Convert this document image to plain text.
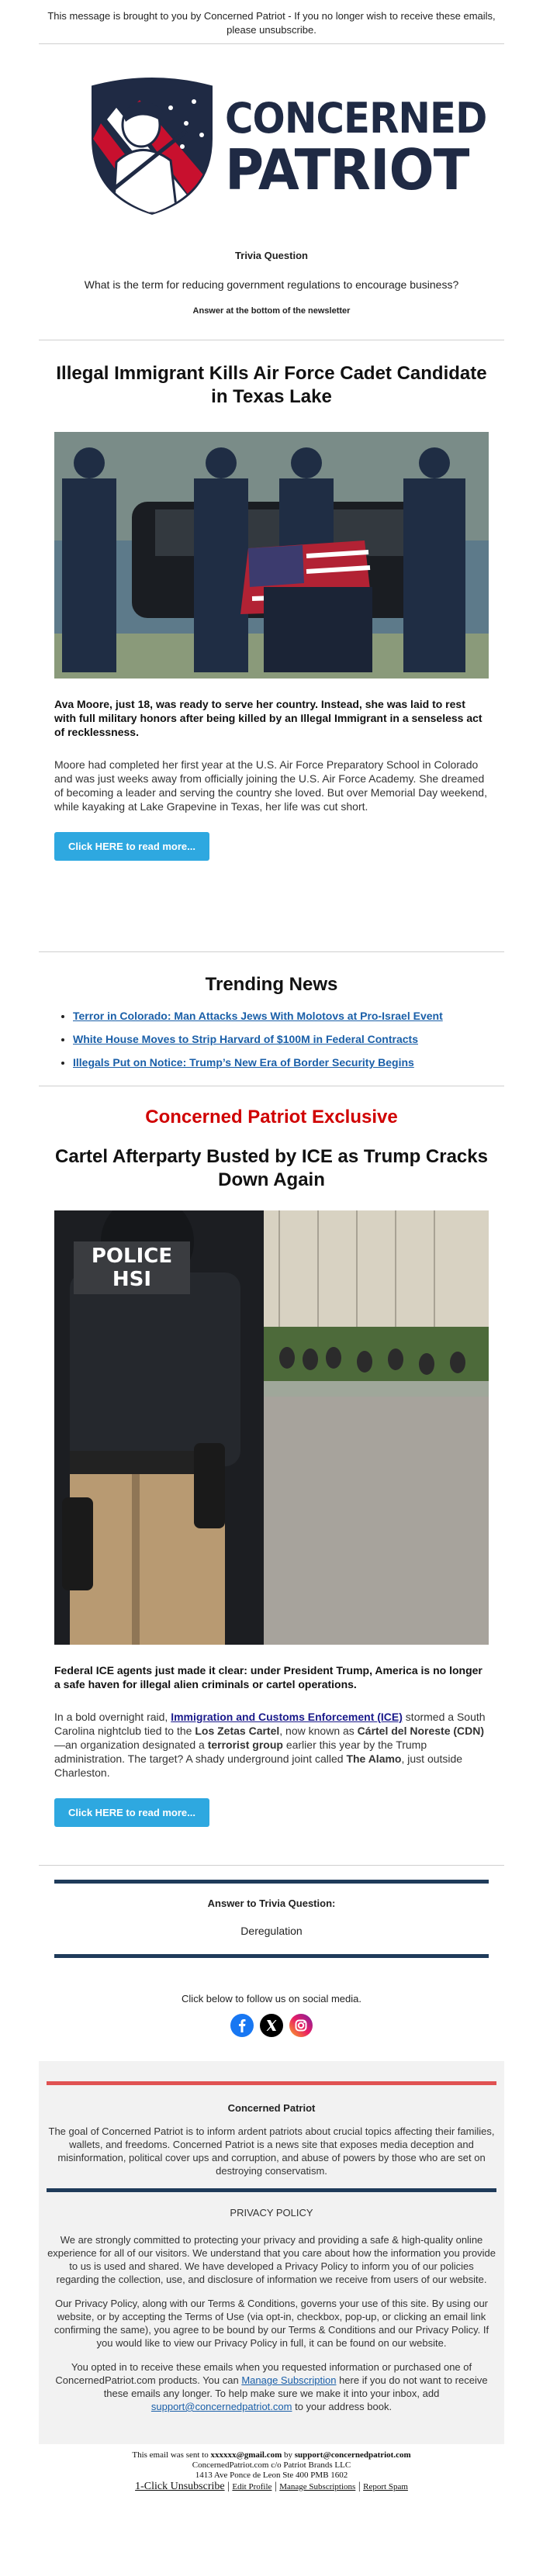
This message is brought to you by Concerned Patriot - If you no longer wish to receive these emails, please unsubscribe.
CONCERNED
PATRIOT
Trivia Question
What is the term for reducing government regulations to encourage business?
Answer at the bottom of the newsletter
Illegal Immigrant Kills Air Force Cadet Candidate in Texas Lake

Ava Moore, just 18, was ready to serve her country. Instead, she was laid to rest with full military honors after being killed by an Illegal Immigrant in a senseless act of recklessness.

Moore had completed her first year at the U.S. Air Force Preparatory School in Colorado and was just weeks away from officially joining the U.S. Air Force Academy. She dreamed of becoming a leader and serving the country she loved. But over Memorial Day weekend, while kayaking at Lake Grapevine in Texas, her life was cut short.

Click HERE to read more...
Trending News
• Terror in Colorado: Man Attacks Jews With Molotovs at Pro-Israel Event
• White House Moves to Strip Harvard of $100M in Federal Contracts
• Illegals Put on Notice: Trump’s New Era of Border Security Begins
Concerned Patriot Exclusive
Cartel Afterparty Busted by ICE as Trump Cracks Down Again

Federal ICE agents just made it clear: under President Trump, America is no longer a safe haven for illegal alien criminals or cartel operations.

In a bold overnight raid, Immigration and Customs Enforcement (ICE) stormed a South Carolina nightclub tied to the Los Zetas Cartel, now known as Cártel del Noreste (CDN)—an organization designated a terrorist group earlier this year by the Trump administration. The target? A shady underground joint called The Alamo, just outside Charleston.

Click HERE to read more...
Answer to Trivia Question:
Deregulation
Click below to follow us on social media.

Concerned Patriot

The goal of Concerned Patriot is to inform ardent patriots about crucial topics affecting their families, wallets, and freedoms. Concerned Patriot is a news site that exposes media deception and misinformation, political cover ups and corruption, and abuse of powers by those who are set on destroying conservatism.

PRIVACY POLICY

We are strongly committed to protecting your privacy and providing a safe & high-quality online experience for all of our visitors. We understand that you care about how the information you provide to us is used and shared. We have developed a Privacy Policy to inform you of our policies regarding the collection, use, and disclosure of information we receive from users of our website.

Our Privacy Policy, along with our Terms & Conditions, governs your use of this site. By using our website, or by accepting the Terms of Use (via opt-in, checkbox, pop-up, or clicking an email link confirming the same), you agree to be bound by our Terms & Conditions and our Privacy Policy. If you would like to view our Privacy Policy in full, it can be found on our website.

You opted in to receive these emails when you requested information or purchased one of ConcernedPatriot.com products. You can Manage Subscription here if you do not want to receive these emails any longer. To help make sure we make it into your inbox, add support@concernedpatriot.com to your address book.

This email was sent to xxxxxx@gmail.com by support@concernedpatriot.com
ConcernedPatriot.com c/o Patriot Brands LLC
1413 Ave Ponce de Leon Ste 400 PMB 1602
1-Click Unsubscribe | Edit Profile | Manage Subscriptions | Report Spam
POLICE
HSI
